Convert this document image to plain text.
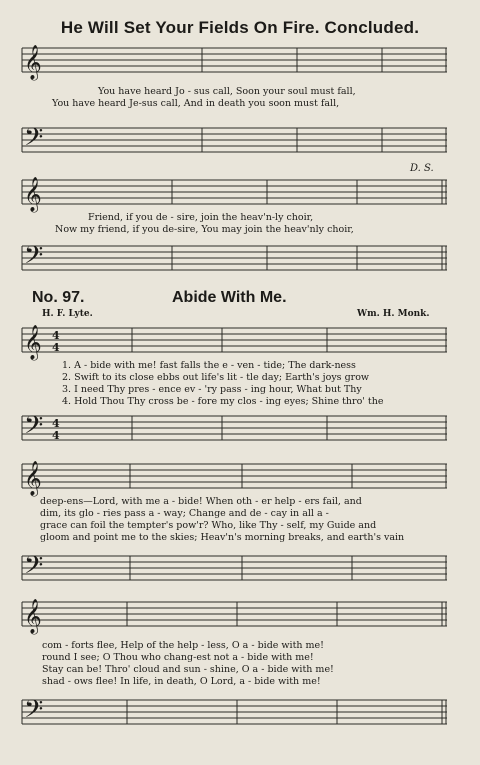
He Will Set Your Fields On Fire. Concluded.
𝄞
You have heard Jo - sus call, Soon your soul must fall,
You have heard Je-sus call, And in death you soon must fall,
𝄢
D. S.
𝄞
Friend, if you de - sire, join the heav'n-ly choir,
Now my friend, if you de-sire, You may join the heav'nly choir,
𝄢
No. 97.	Abide With Me.
H. F. Lyte.	Wm. H. Monk.
𝄞 4
4
1. A - bide with me! fast falls the e - ven - tide; The dark-ness
2. Swift to its close ebbs out life's lit - tle day; Earth's joys grow
3. I need Thy pres - ence ev - 'ry pass - ing hour, What but Thy
4. Hold Thou Thy cross be - fore my clos - ing eyes; Shine thro' the
𝄢 4
4
𝄞
deep-ens—Lord, with me a - bide! When oth - er help - ers fail, and
dim, its glo - ries pass a - way; Change and de - cay in all a -
grace can foil the tempter's pow'r? Who, like Thy - self, my Guide and
gloom and point me to the skies; Heav'n's morning breaks, and earth's vain
𝄢
𝄞
com - forts flee, Help of the help - less, O a - bide with me!
round I see; O Thou who chang-est not a - bide with me!
Stay can be! Thro' cloud and sun - shine, O a - bide with me!
shad - ows flee! In life, in death, O Lord, a - bide with me!
𝄢
